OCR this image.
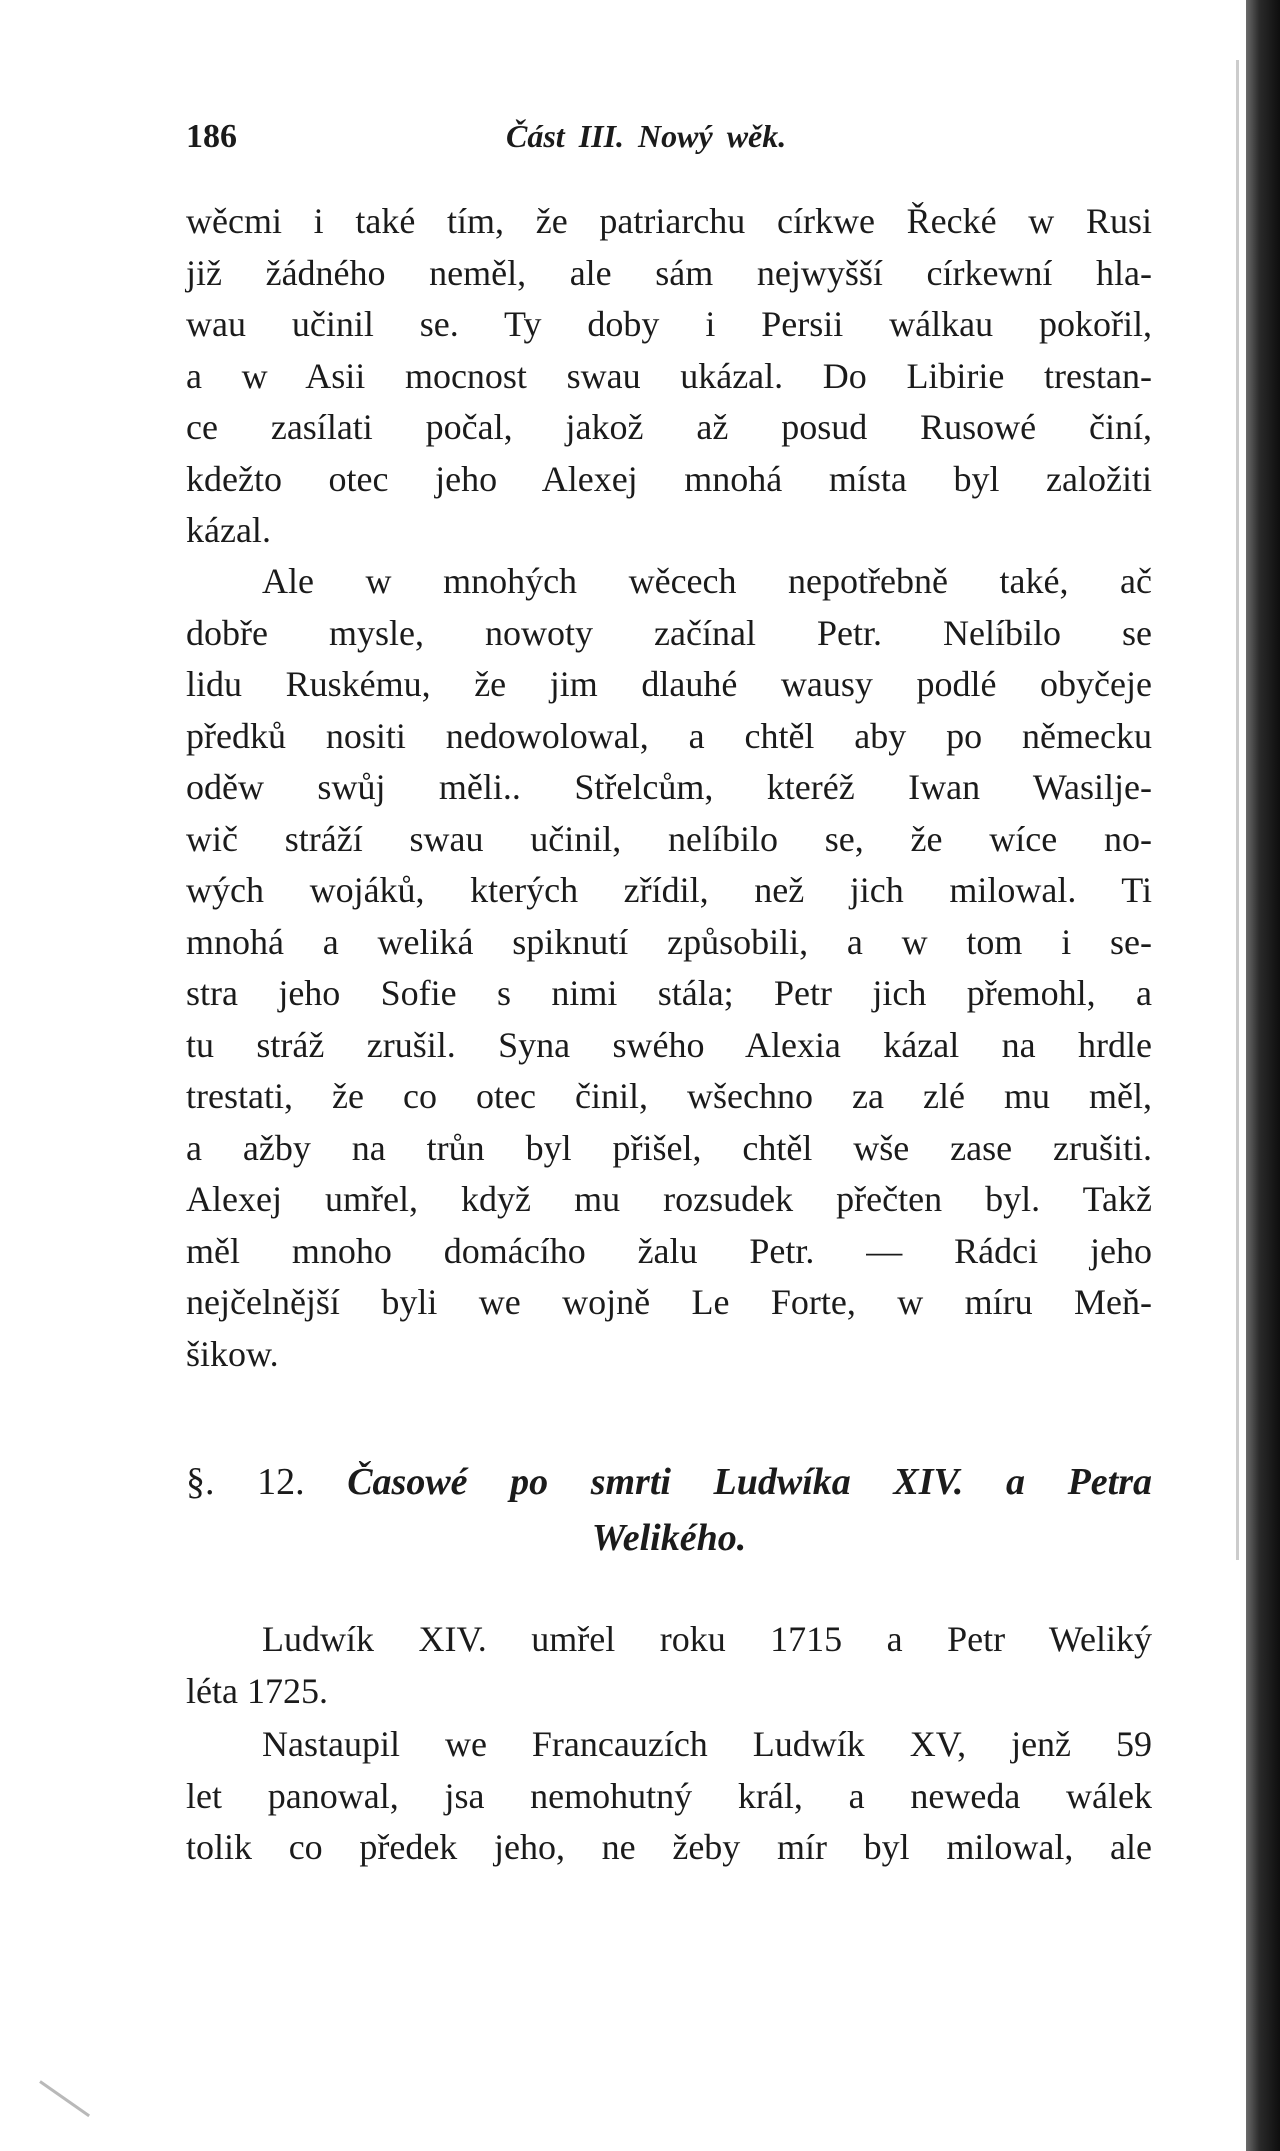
186	Část III. Nowý wěk.
wěcmi i také tím, že patriarchu církwe Řecké w Rusi
již žádného neměl, ale sám nejwyšší církewní hla-
wau učinil se. Ty doby i Persii wálkau pokořil,
a w Asii mocnost swau ukázal. Do Libirie trestan-
ce zasílati počal, jakož až posud Rusowé činí,
kdežto otec jeho Alexej mnohá místa byl založiti
kázal.
Ale w mnohých wěcech nepotřebně také, ač
dobře mysle, nowoty začínal Petr. Nelíbilo se
lidu Ruskému, že jim dlauhé wausy podlé obyčeje
předků nositi nedowolowal, a chtěl aby po německu
oděw swůj měli.. Střelcům, kteréž Iwan Wasilje-
wič stráží swau učinil, nelíbilo se, že wíce no-
wých wojáků, kterých zřídil, než jich milowal. Ti
mnohá a weliká spiknutí způsobili, a w tom i se-
stra jeho Sofie s nimi stála; Petr jich přemohl, a
tu stráž zrušil. Syna swého Alexia kázal na hrdle
trestati, že co otec činil, wšechno za zlé mu měl,
a ažby na trůn byl přišel, chtěl wše zase zrušiti.
Alexej umřel, když mu rozsudek přečten byl. Takž
měl mnoho domácího žalu Petr. — Rádci jeho
nejčelnější byli we wojně Le Forte, w míru Meň-
šikow.
§. 12. Časowé po smrti Ludwíka XIV. a Petra
Welikého.
Ludwík XIV. umřel roku 1715 a Petr Weliký
léta 1725.
Nastaupil we Francauzích Ludwík XV, jenž 59
let panowal, jsa nemohutný král, a neweda wálek
tolik co předek jeho, ne žeby mír byl milowal, ale
